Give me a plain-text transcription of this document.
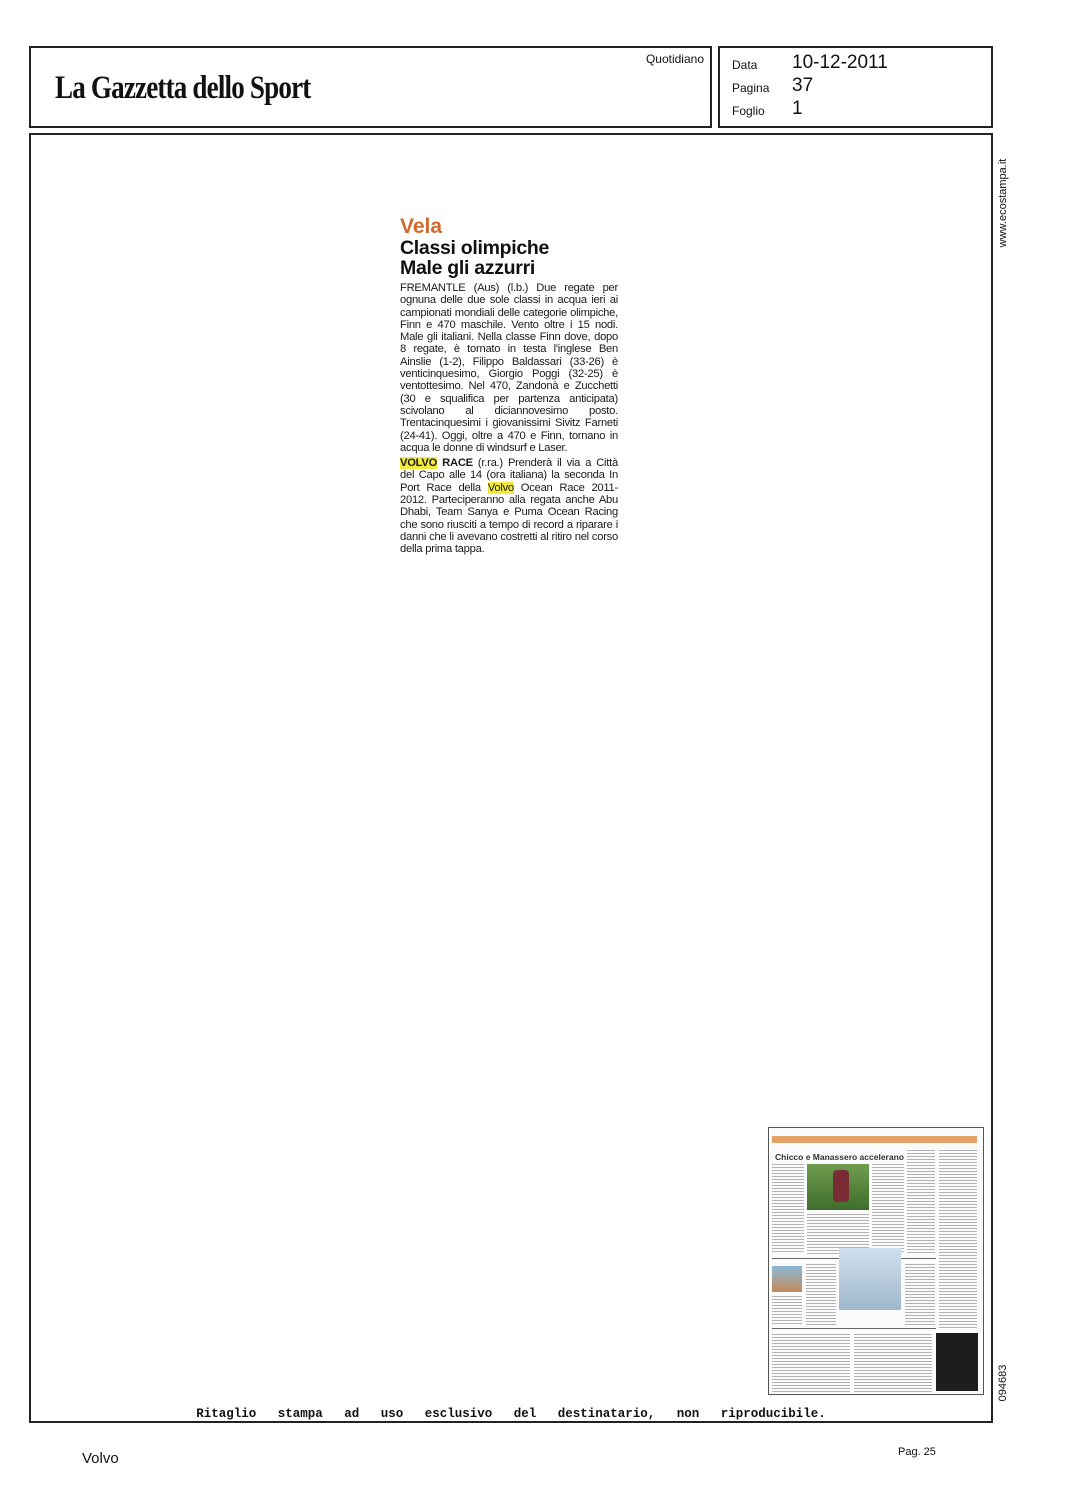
La Gazzetta dello Sport
Quotidiano Data 10-12-2011
Pagina 37
Foglio 1
www.ecostampa.it
094683
Vela
Classi olimpiche
Male gli azzurri

FREMANTLE (Aus) (l.b.) Due regate per ognuna delle due sole classi in acqua ieri ai campionati mondiali delle categorie olimpiche, Finn e 470 maschile. Vento oltre i 15 nodi. Male gli italiani. Nella classe Finn dove, dopo 8 regate, è tornato in testa l'inglese Ben Ainslie (1-2), Filippo Baldassari (33-26) è venticinquesimo, Giorgio Poggi (32-25) è ventottesimo. Nel 470, Zandonà e Zucchetti (30 e squalifica per partenza anticipata) scivolano al diciannovesimo posto. Trentacinquesimi i giovanissimi Sivitz Farneti (24-41). Oggi, oltre a 470 e Finn, tornano in acqua le donne di windsurf e Laser.

VOLVO RACE (r.ra.) Prenderà il via a Città del Capo alle 14 (ora italiana) la seconda In Port Race della Volvo Ocean Race 2011-2012. Parteciperanno alla regata anche Abu Dhabi, Team Sanya e Puma Ocean Racing che sono riusciti a tempo di record a riparare i danni che li avevano costretti al ritiro nel corso della prima tappa.

Chicco e Manassero accelerano
Ritaglio stampa ad uso esclusivo del destinatario, non riproducibile.
Volvo	Pag. 25
